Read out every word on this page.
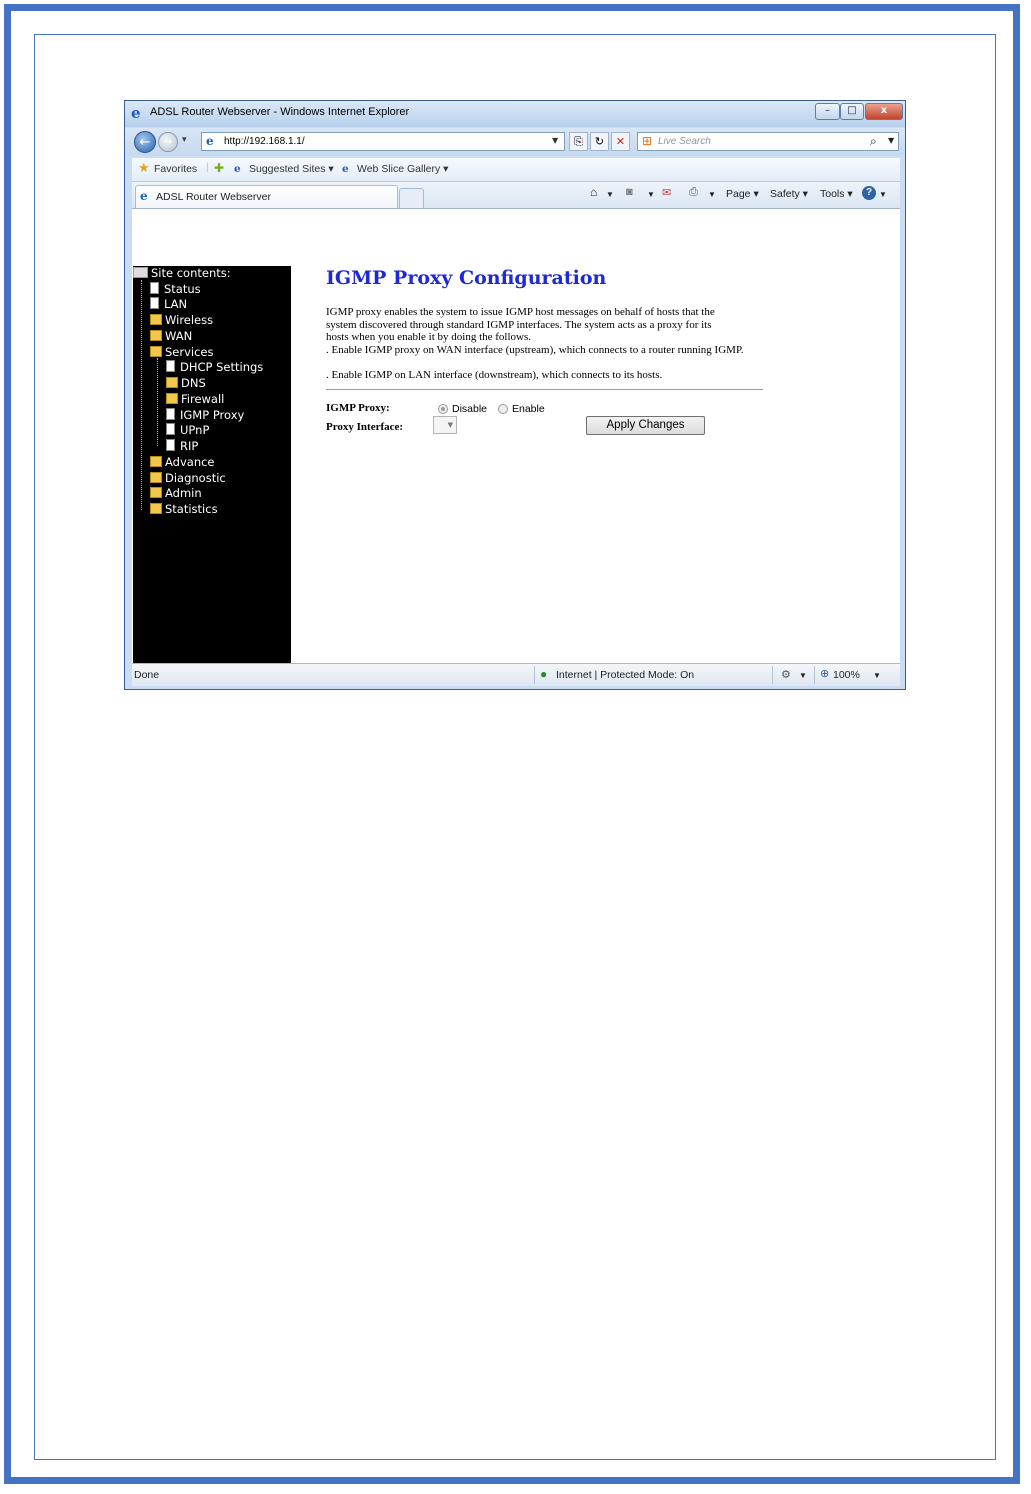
e ADSL Router Webserver - Windows Internet Explorer	–	□	x
←	→	▾ e http://192.168.1.1/	▼	⎘	↻	✕	⊞ Live Search	⌕ ▼
★ Favorites | ✚ e Suggested Sites ▾ e Web Slice Gallery ▾
e ADSL Router Webserver	⌂ ▼ ◙ ▼ ✉ ⎙ ▼ Page ▾ Safety ▾ Tools ▾	? ▼
Site contents:
Status
LAN
Wireless
WAN
Services
DHCP Settings
DNS
Firewall
IGMP Proxy
UPnP
RIP
Advance
Diagnostic
Admin
Statistics
IGMP Proxy Configuration
IGMP proxy enables the system to issue IGMP host messages on behalf of hosts that the
system discovered through standard IGMP interfaces. The system acts as a proxy for its
hosts when you enable it by doing the follows.
. Enable IGMP proxy on WAN interface (upstream), which connects to a router running IGMP.
. Enable IGMP on LAN interface (downstream), which connects to its hosts.
IGMP Proxy:	Disable Enable
Proxy Interface:	▼	Apply Changes
Done	● Internet | Protected Mode: On	⚙ ▼ ⊕ 100% ▼
